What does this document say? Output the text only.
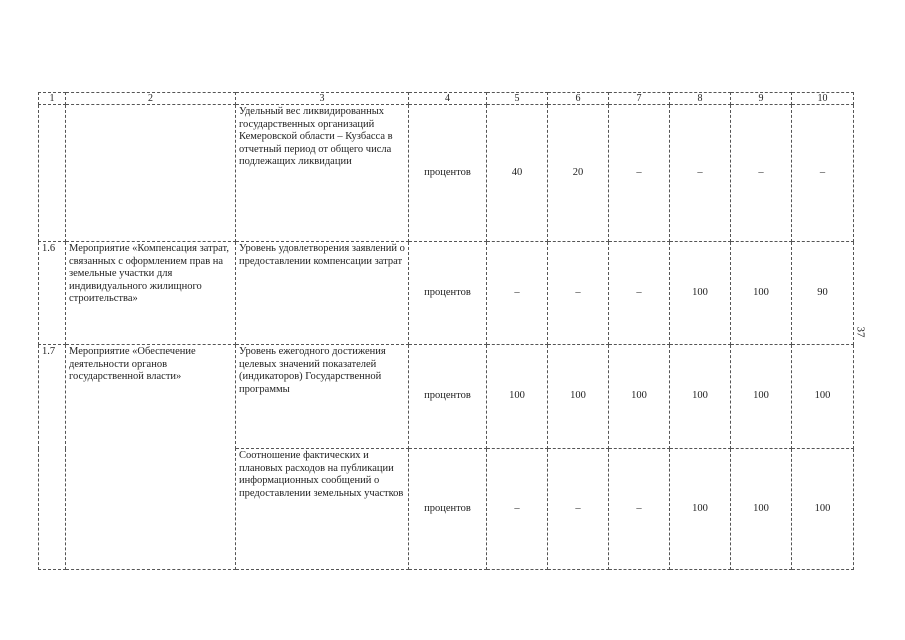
1	2	3	4	5	6	7	8	9	10
		Удельный вес ликвидированных государственных организаций Кемеровской области – Кузбасса в отчетный период от общего числа подлежащих ликвидации	процентов	40	20	–	–	–	–
1.6	Мероприятие «Компенсация затрат, связанных с оформлением прав на земельные участки для индивидуального жилищного строительства»	Уровень удовлетворения заявлений о предоставлении компенсации затрат	процентов	–	–	–	100	100	90
1.7	Мероприятие «Обеспечение деятельности органов государственной власти»	Уровень ежегодного достижения целевых значений показателей (индикаторов) Государственной программы	процентов	100	100	100	100	100	100
		Соотношение фактических и плановых расходов на публикации информационных сообщений о предоставлении земельных участков	процентов	–	–	–	100	100	100
37
